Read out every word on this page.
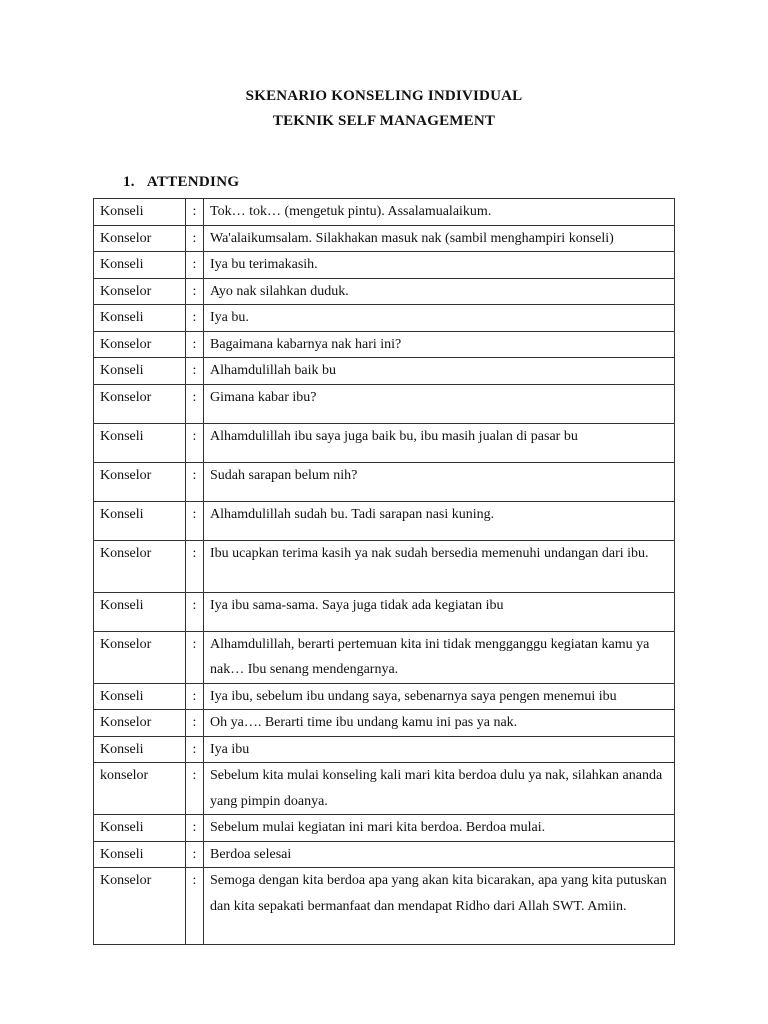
SKENARIO KONSELING INDIVIDUAL
TEKNIK SELF MANAGEMENT
1. ATTENDING
Konseli	:	Tok… tok… (mengetuk pintu). Assalamualaikum.
Konselor	:	Wa'alaikumsalam. Silakhakan masuk nak (sambil menghampiri konseli)
Konseli	:	Iya bu terimakasih.
Konselor	:	Ayo nak silahkan duduk.
Konseli	:	Iya bu.
Konselor	:	Bagaimana kabarnya nak hari ini?
Konseli	:	Alhamdulillah baik bu
Konselor	:	Gimana kabar ibu?
Konseli	:	Alhamdulillah ibu saya juga baik bu, ibu masih jualan di pasar bu
Konselor	:	Sudah sarapan belum nih?
Konseli	:	Alhamdulillah sudah bu. Tadi sarapan nasi kuning.
Konselor	:	Ibu ucapkan terima kasih ya nak sudah bersedia memenuhi undangan dari ibu.
Konseli	:	Iya ibu sama-sama. Saya juga tidak ada kegiatan ibu
Konselor	:	Alhamdulillah, berarti pertemuan kita ini tidak mengganggu kegiatan kamu ya nak… Ibu senang mendengarnya.
Konseli	:	Iya ibu, sebelum ibu undang saya, sebenarnya saya pengen menemui ibu
Konselor	:	Oh ya…. Berarti time ibu undang kamu ini pas ya nak.
Konseli	:	Iya ibu
konselor	:	Sebelum kita mulai konseling kali mari kita berdoa dulu ya nak, silahkan ananda yang pimpin doanya.
Konseli	:	Sebelum mulai kegiatan ini mari kita berdoa. Berdoa mulai.
Konseli	:	Berdoa selesai
Konselor	:	Semoga dengan kita berdoa apa yang akan kita bicarakan, apa yang kita putuskan dan kita sepakati bermanfaat dan mendapat Ridho dari Allah SWT. Amiin.
